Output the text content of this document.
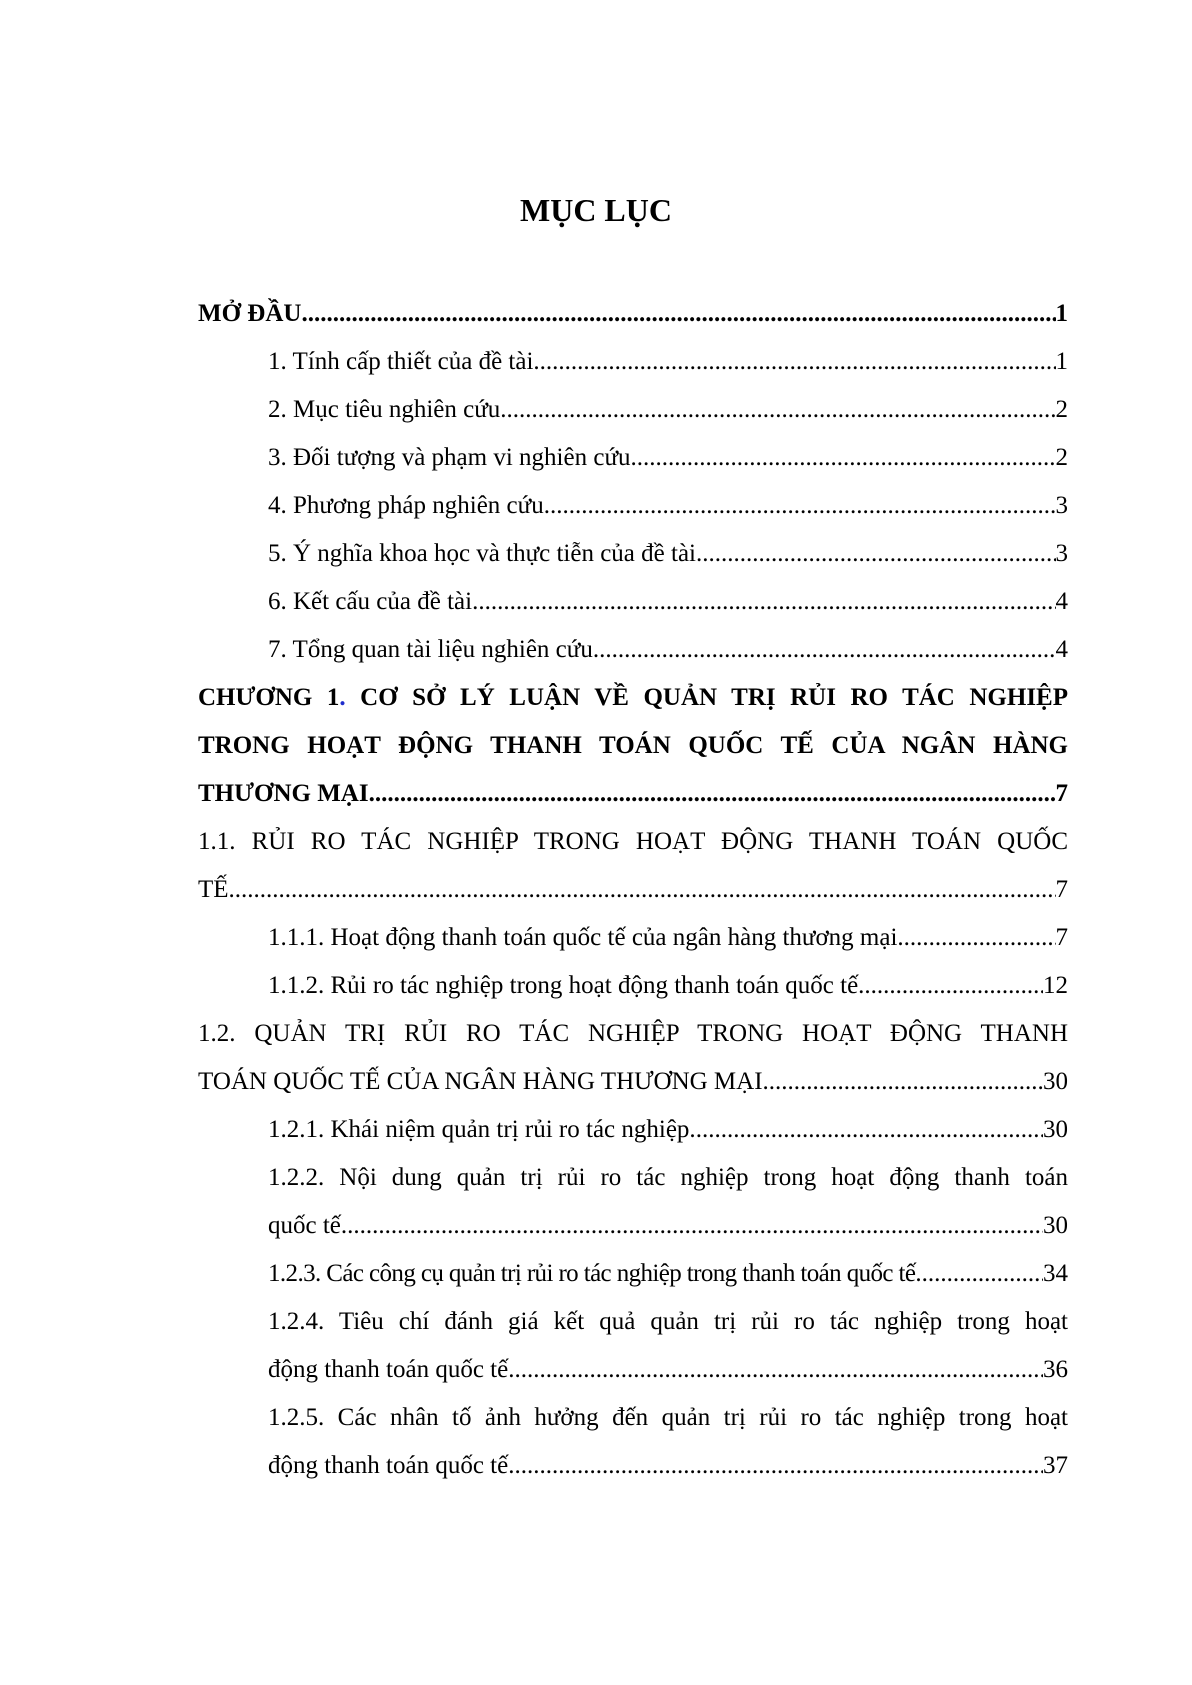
MỤC LỤC
MỞ ĐẦU .....	1
1. Tính cấp thiết của đề tài .....	1
2. Mục tiêu nghiên cứu .....	2
3. Đối tượng và phạm vi nghiên cứu .....	2
4. Phương pháp nghiên cứu .....	3
5. Ý nghĩa khoa học và thực tiễn của đề tài .....	3
6. Kết cấu của đề tài .....	4
7. Tổng quan tài liệu nghiên cứu .....	4
CHƯƠNG 1. CƠ SỞ LÝ LUẬN VỀ QUẢN TRỊ RỦI RO TÁC NGHIỆP
TRONG HOẠT ĐỘNG THANH TOÁN QUỐC TẾ CỦA NGÂN HÀNG
THƯƠNG MẠI. .....	7
1.1. RỦI RO TÁC NGHIỆP TRONG HOẠT ĐỘNG THANH TOÁN QUỐC
TẾ .....	7
1.1.1. Hoạt động thanh toán quốc tế của ngân hàng thương mại. .....	7
1.1.2. Rủi ro tác nghiệp trong hoạt động thanh toán quốc tế .....	12
1.2. QUẢN TRỊ RỦI RO TÁC NGHIỆP TRONG HOẠT ĐỘNG THANH
TOÁN QUỐC TẾ CỦA NGÂN HÀNG THƯƠNG MẠI. .....	30
1.2.1. Khái niệm quản trị rủi ro tác nghiệp. .....	30
1.2.2. Nội dung quản trị rủi ro tác nghiệp trong hoạt động thanh toán
quốc tế .....	30
1.2.3. Các công cụ quản trị rủi ro tác nghiệp trong thanh toán quốc tế .....	34
1.2.4. Tiêu chí đánh giá kết quả quản trị rủi ro tác nghiệp trong hoạt
động thanh toán quốc tế .....	36
1.2.5. Các nhân tố ảnh hưởng đến quản trị rủi ro tác nghiệp trong hoạt
động thanh toán quốc tế .....	37
